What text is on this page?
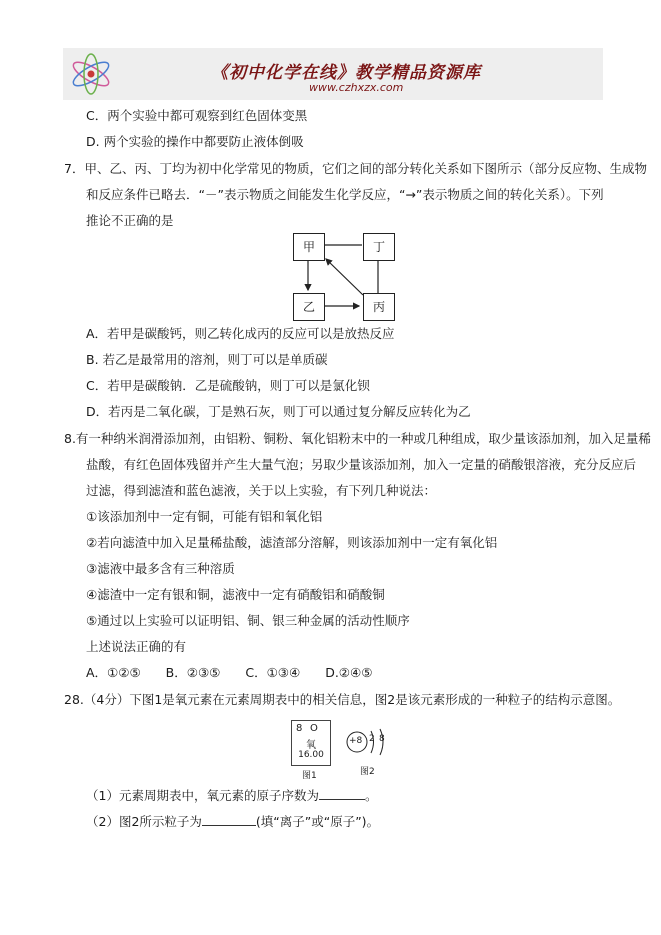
《初中化学在线》教学精品资源库
www.czhxzx.com
C．两个实验中都可观察到红色固体变黑
D. 两个实验的操作中都要防止液体倒吸
7．甲、乙、丙、丁均为初中化学常见的物质，它们之间的部分转化关系如下图所示（部分反应物、生成物
和反应条件已略去．“－”表示物质之间能发生化学反应，“→”表示物质之间的转化关系）。下列
推论不正确的是
甲	丁
乙	丙
A．若甲是碳酸钙，则乙转化成丙的反应可以是放热反应
B. 若乙是最常用的溶剂，则丁可以是单质碳
C．若甲是碳酸钠．乙是硫酸钠，则丁可以是氯化钡
D．若丙是二氧化碳，丁是熟石灰，则丁可以通过复分解反应转化为乙
8.有一种纳米润滑添加剂，由铝粉、铜粉、氧化铝粉末中的一种或几种组成，取少量该添加剂，加入足量稀
盐酸，有红色固体残留并产生大量气泡；另取少量该添加剂，加入一定量的硝酸银溶液，充分反应后
过滤，得到滤渣和蓝色滤液，关于以上实验，有下列几种说法：
①该添加剂中一定有铜，可能有铝和氧化铝
②若向滤渣中加入足量稀盐酸，滤渣部分溶解，则该添加剂中一定有氧化铝
③滤液中最多含有三种溶质
④滤渣中一定有银和铜，滤液中一定有硝酸铝和硝酸铜
⑤通过以上实验可以证明铝、铜、银三种金属的活动性顺序
上述说法正确的有
A．①②⑤　　B．②③⑤　　C．①③④　　D.②④⑤
28.（4分）下图1是氧元素在元素周期表中的相关信息，图2是该元素形成的一种粒子的结构示意图。
8 O
氧
16.00
图1
+8 2 8
图2
（1）元素周期表中，氧元素的原子序数为	。
（2）图2所示粒子为	(填“离子”或“原子”)。
